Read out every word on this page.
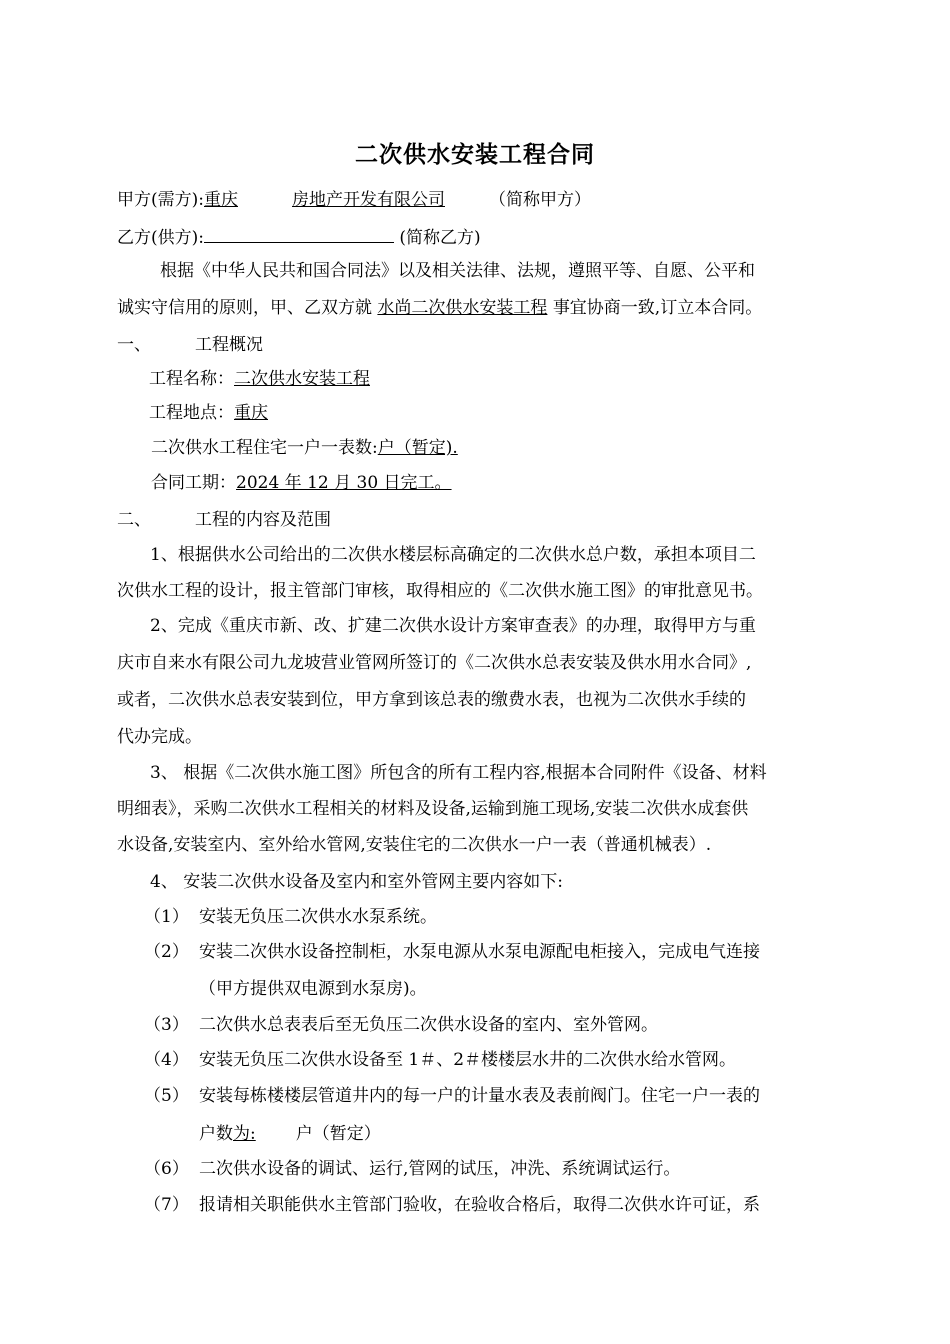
二次供水安装工程合同
甲方(需方):重庆	房地产开发有限公司	（简称甲方）
乙方(供方):	(简称乙方)
根据《中华人民共和国合同法》以及相关法律、法规，遵照平等、自愿、公平和
诚实守信用的原则，甲、乙双方就 水尚二次供水安装工程 事宜协商一致,订立本合同。
一、	工程概况
工程名称：二次供水安装工程
工程地点：重庆
二次供水工程住宅一户一表数:户（暂定).
合同工期：2024 年 12 月 30 日完工。
二、	工程的内容及范围
1、根据供水公司给出的二次供水楼层标高确定的二次供水总户数，承担本项目二
次供水工程的设计，报主管部门审核，取得相应的《二次供水施工图》的审批意见书。
2、完成《重庆市新、改、扩建二次供水设计方案审查表》的办理，取得甲方与重
庆市自来水有限公司九龙坡营业管网所签订的《二次供水总表安装及供水用水合同》,
或者，二次供水总表安装到位，甲方拿到该总表的缴费水表，也视为二次供水手续的
代办完成。
3、 根据《二次供水施工图》所包含的所有工程内容,根据本合同附件《设备、材料
明细表》，采购二次供水工程相关的材料及设备,运输到施工现场,安装二次供水成套供
水设备,安装室内、室外给水管网,安装住宅的二次供水一户一表（普通机械表）.
4、 安装二次供水设备及室内和室外管网主要内容如下:
（1） 安装无负压二次供水水泵系统。
（2） 安装二次供水设备控制柜，水泵电源从水泵电源配电柜接入，完成电气连接
（甲方提供双电源到水泵房)。
（3） 二次供水总表表后至无负压二次供水设备的室内、室外管网。
（4） 安装无负压二次供水设备至 1＃、2＃楼楼层水井的二次供水给水管网。
（5） 安装每栋楼楼层管道井内的每一户的计量水表及表前阀门。住宅一户一表的
户数为: 户（暂定）
（6） 二次供水设备的调试、运行,管网的试压，冲洗、系统调试运行。
（7） 报请相关职能供水主管部门验收，在验收合格后，取得二次供水许可证，系
